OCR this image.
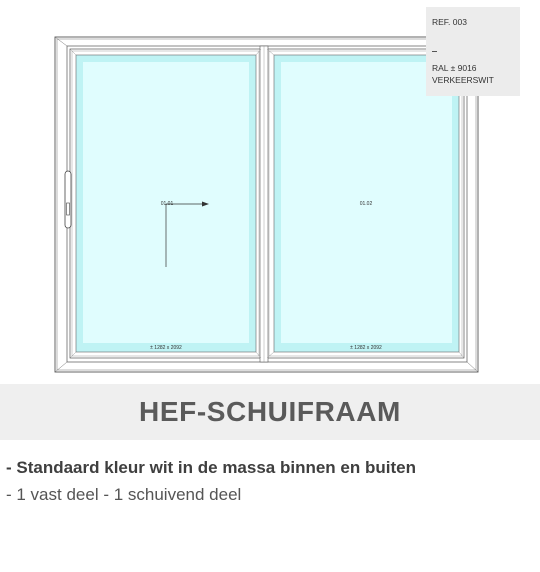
01.01	01.02
± 1282 x 2092	± 1282 x 2092
REF. 003
RAL ± 9016
VERKEERSWIT
HEF-SCHUIFRAAM
- Standaard kleur wit in de massa binnen en buiten
- 1 vast deel - 1 schuivend deel
